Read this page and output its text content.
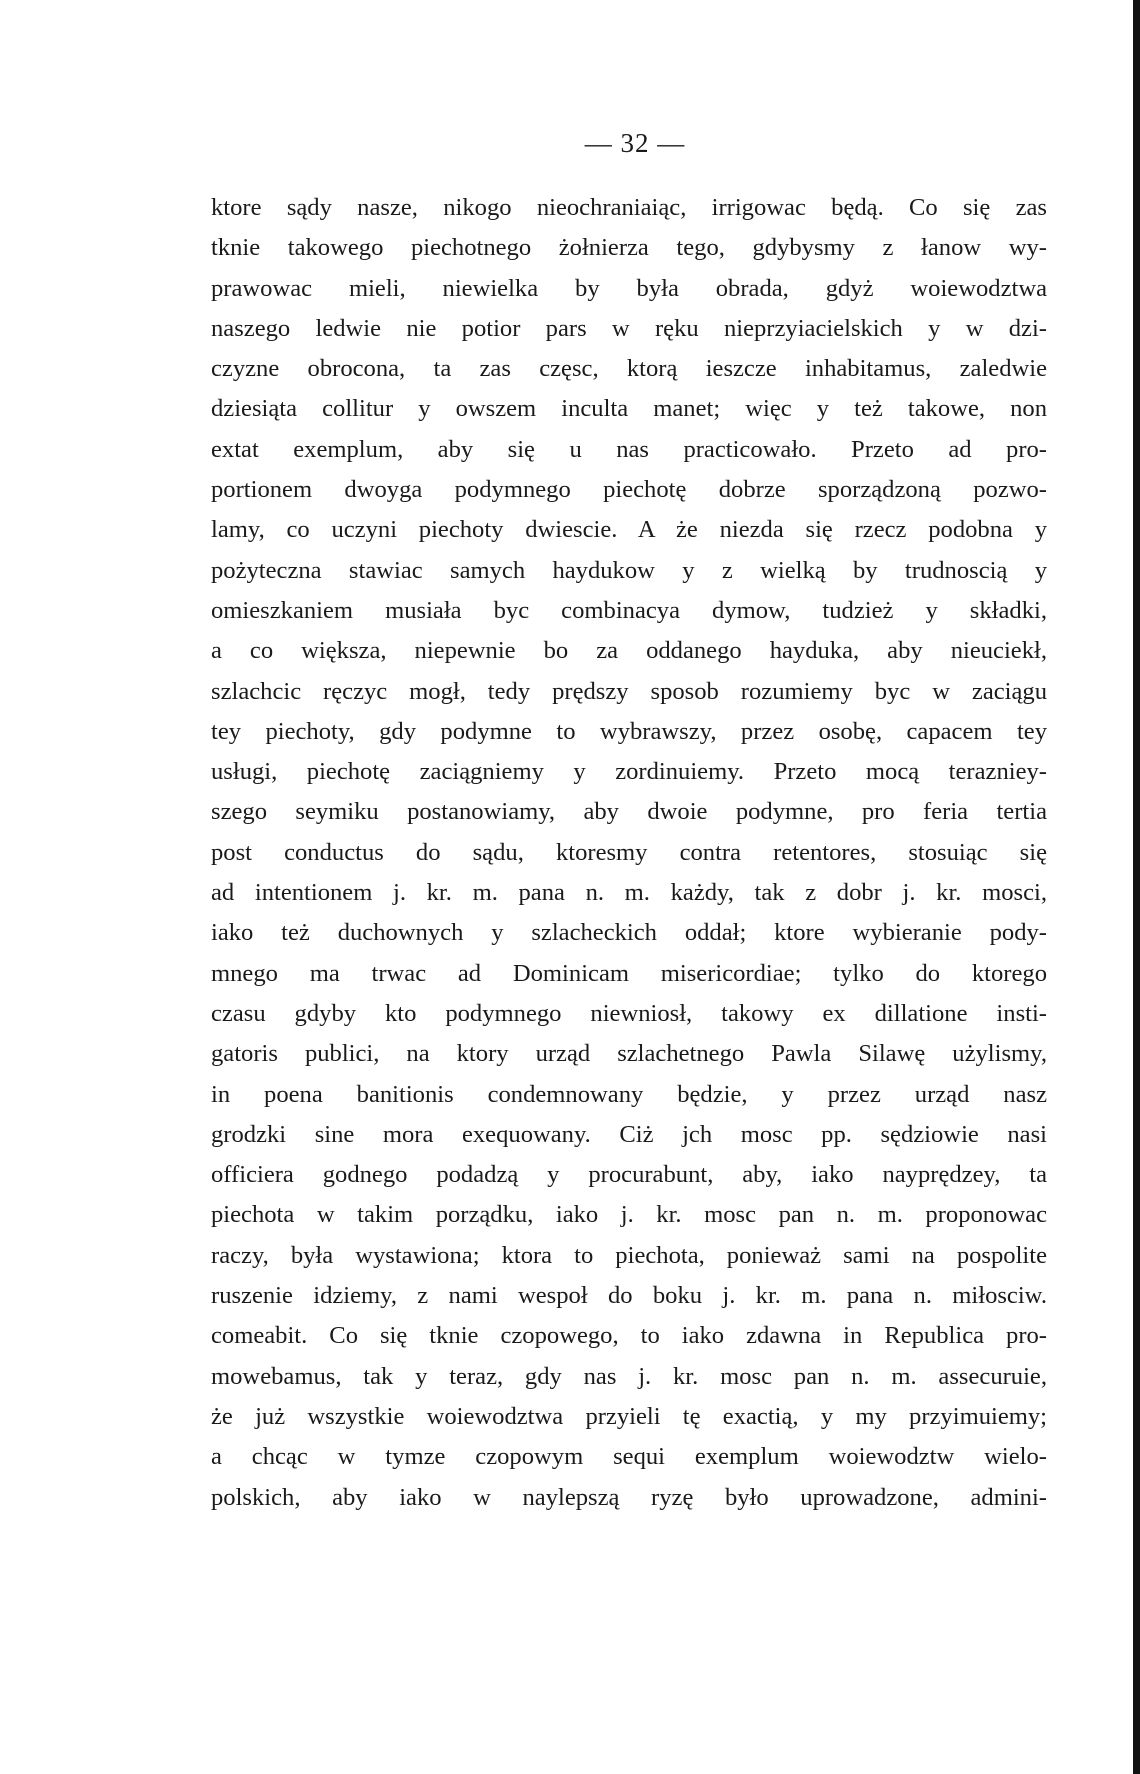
— 32 —
ktore sądy nasze, nikogo nieochraniaiąc, irrigowac będą. Co się zas
tknie takowego piechotnego żołnierza tego, gdybysmy z łanow wy-
prawowac mieli, niewielka by była obrada, gdyż woiewodztwa
naszego ledwie nie potior pars w ręku nieprzyiacielskich y w dzi-
czyzne obrocona, ta zas częsc, ktorą ieszcze inhabitamus, zaledwie
dziesiąta collitur y owszem inculta manet; więc y też takowe, non
extat exemplum, aby się u nas practicowało. Przeto ad pro-
portionem dwoyga podymnego piechotę dobrze sporządzoną pozwo-
lamy, co uczyni piechoty dwiescie. A że niezda się rzecz podobna y
pożyteczna stawiac samych haydukow y z wielką by trudnoscią y
omieszkaniem musiała byc combinacya dymow, tudzież y składki,
a co większa, niepewnie bo za oddanego hayduka, aby nieuciekł,
szlachcic ręczyc mogł, tedy prędszy sposob rozumiemy byc w zaciągu
tey piechoty, gdy podymne to wybrawszy, przez osobę, capacem tey
usługi, piechotę zaciągniemy y zordinuiemy. Przeto mocą terazniey-
szego seymiku postanowiamy, aby dwoie podymne, pro feria tertia
post conductus do sądu, ktoresmy contra retentores, stosuiąc się
ad intentionem j. kr. m. pana n. m. każdy, tak z dobr j. kr. mosci,
iako też duchownych y szlacheckich oddał; ktore wybieranie pody-
mnego ma trwac ad Dominicam misericordiae; tylko do ktorego
czasu gdyby kto podymnego niewniosł, takowy ex dillatione insti-
gatoris publici, na ktory urząd szlachetnego Pawla Silawę użylismy,
in poena banitionis condemnowany będzie, y przez urząd nasz
grodzki sine mora exequowany. Ciż jch mosc pp. sędziowie nasi
officiera godnego podadzą y procurabunt, aby, iako nayprędzey, ta
piechota w takim porządku, iako j. kr. mosc pan n. m. proponowac
raczy, była wystawiona; ktora to piechota, ponieważ sami na pospolite
ruszenie idziemy, z nami wespoł do boku j. kr. m. pana n. miłosciw.
comeabit. Co się tknie czopowego, to iako zdawna in Republica pro-
mowebamus, tak y teraz, gdy nas j. kr. mosc pan n. m. assecuruie,
że już wszystkie woiewodztwa przyieli tę exactią, y my przyimuiemy;
a chcąc w tymze czopowym sequi exemplum woiewodztw wielo-
polskich, aby iako w naylepszą ryzę było uprowadzone, admini-
